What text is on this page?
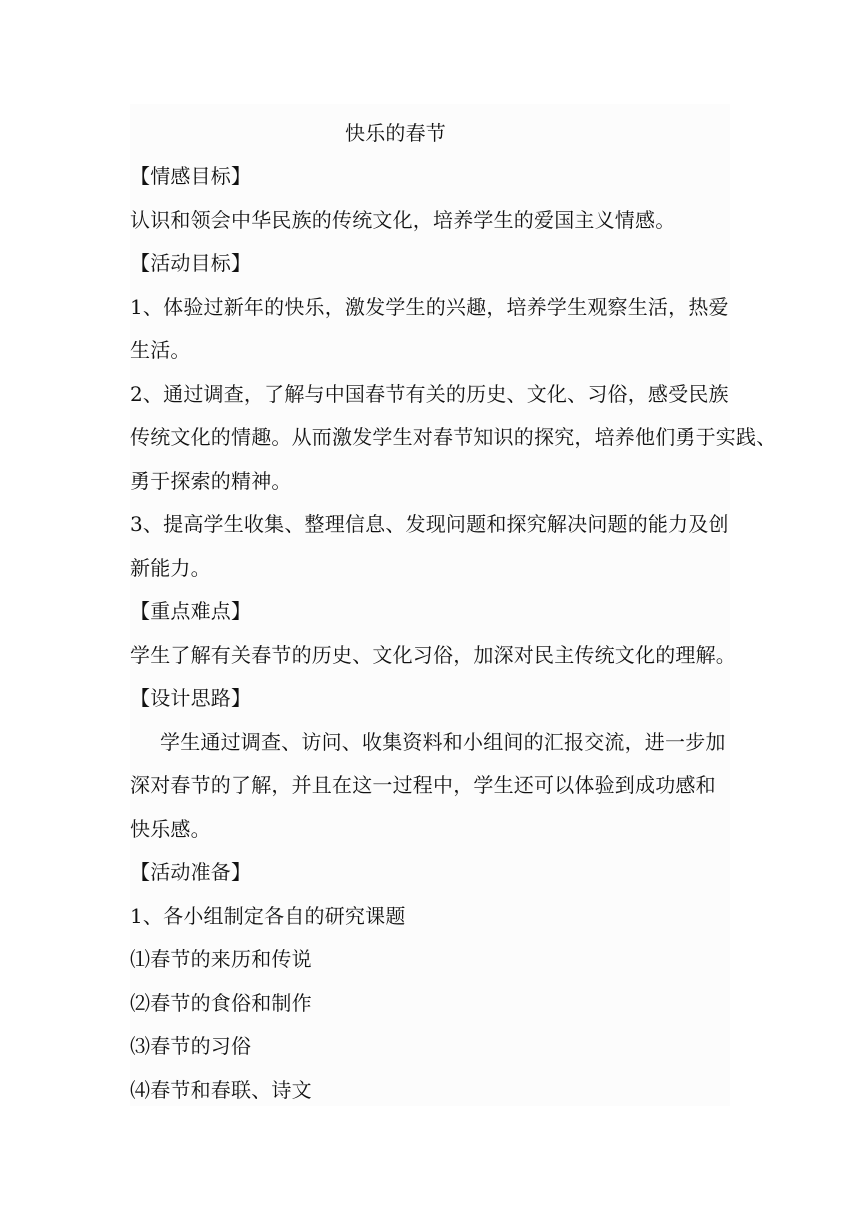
快乐的春节
【情感目标】
认识和领会中华民族的传统文化，培养学生的爱国主义情感。
【活动目标】
1、体验过新年的快乐，激发学生的兴趣，培养学生观察生活，热爱
生活。
2、通过调查，了解与中国春节有关的历史、文化、习俗，感受民族
传统文化的情趣。从而激发学生对春节知识的探究，培养他们勇于实践、
勇于探索的精神。
3、提高学生收集、整理信息、发现问题和探究解决问题的能力及创
新能力。
【重点难点】
学生了解有关春节的历史、文化习俗，加深对民主传统文化的理解。
【设计思路】
学生通过调查、访问、收集资料和小组间的汇报交流，进一步加
深对春节的了解，并且在这一过程中，学生还可以体验到成功感和
快乐感。
【活动准备】
1、各小组制定各自的研究课题
⑴春节的来历和传说
⑵春节的食俗和制作
⑶春节的习俗
⑷春节和春联、诗文
